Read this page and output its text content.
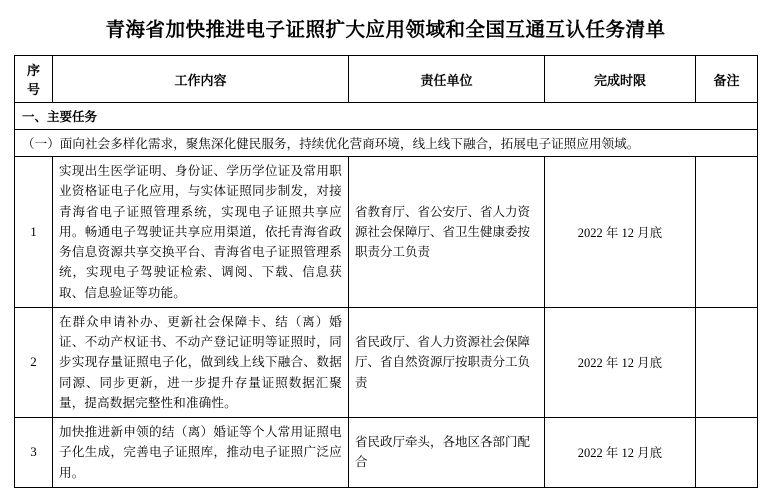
青海省加快推进电子证照扩大应用领域和全国互通互认任务清单
序号	工作内容	责任单位	完成时限	备注
一、主要任务				
（一）面向社会多样化需求，聚焦深化健民服务，持续优化营商环境，线上线下融合，拓展电子证照应用领域。				
1	实现出生医学证明、身份证、学历学位证及常用职业资格证电子化应用，与实体证照同步制发，对接青海省电子证照管理系统，实现电子证照共享应用。畅通电子驾驶证共享应用渠道，依托青海省政务信息资源共享交换平台、青海省电子证照管理系统，实现电子驾驶证检索、调阅、下载、信息获取、信息验证等功能。	省教育厅、省公安厅、省人力资源社会保障厅、省卫生健康委按职责分工负责	2022 年 12 月底	
2	在群众申请补办、更新社会保障卡、结（离）婚证、不动产权证书、不动产登记证明等证照时，同步实现存量证照电子化，做到线上线下融合、数据同源、同步更新，进一步提升存量证照数据汇聚量，提高数据完整性和准确性。	省民政厅、省人力资源社会保障厅、省自然资源厅按职责分工负责	2022 年 12 月底	
3	加快推进新申领的结（离）婚证等个人常用证照电子化生成，完善电子证照库，推动电子证照广泛应用。	省民政厅牵头，各地区各部门配合	2022 年 12 月底	
